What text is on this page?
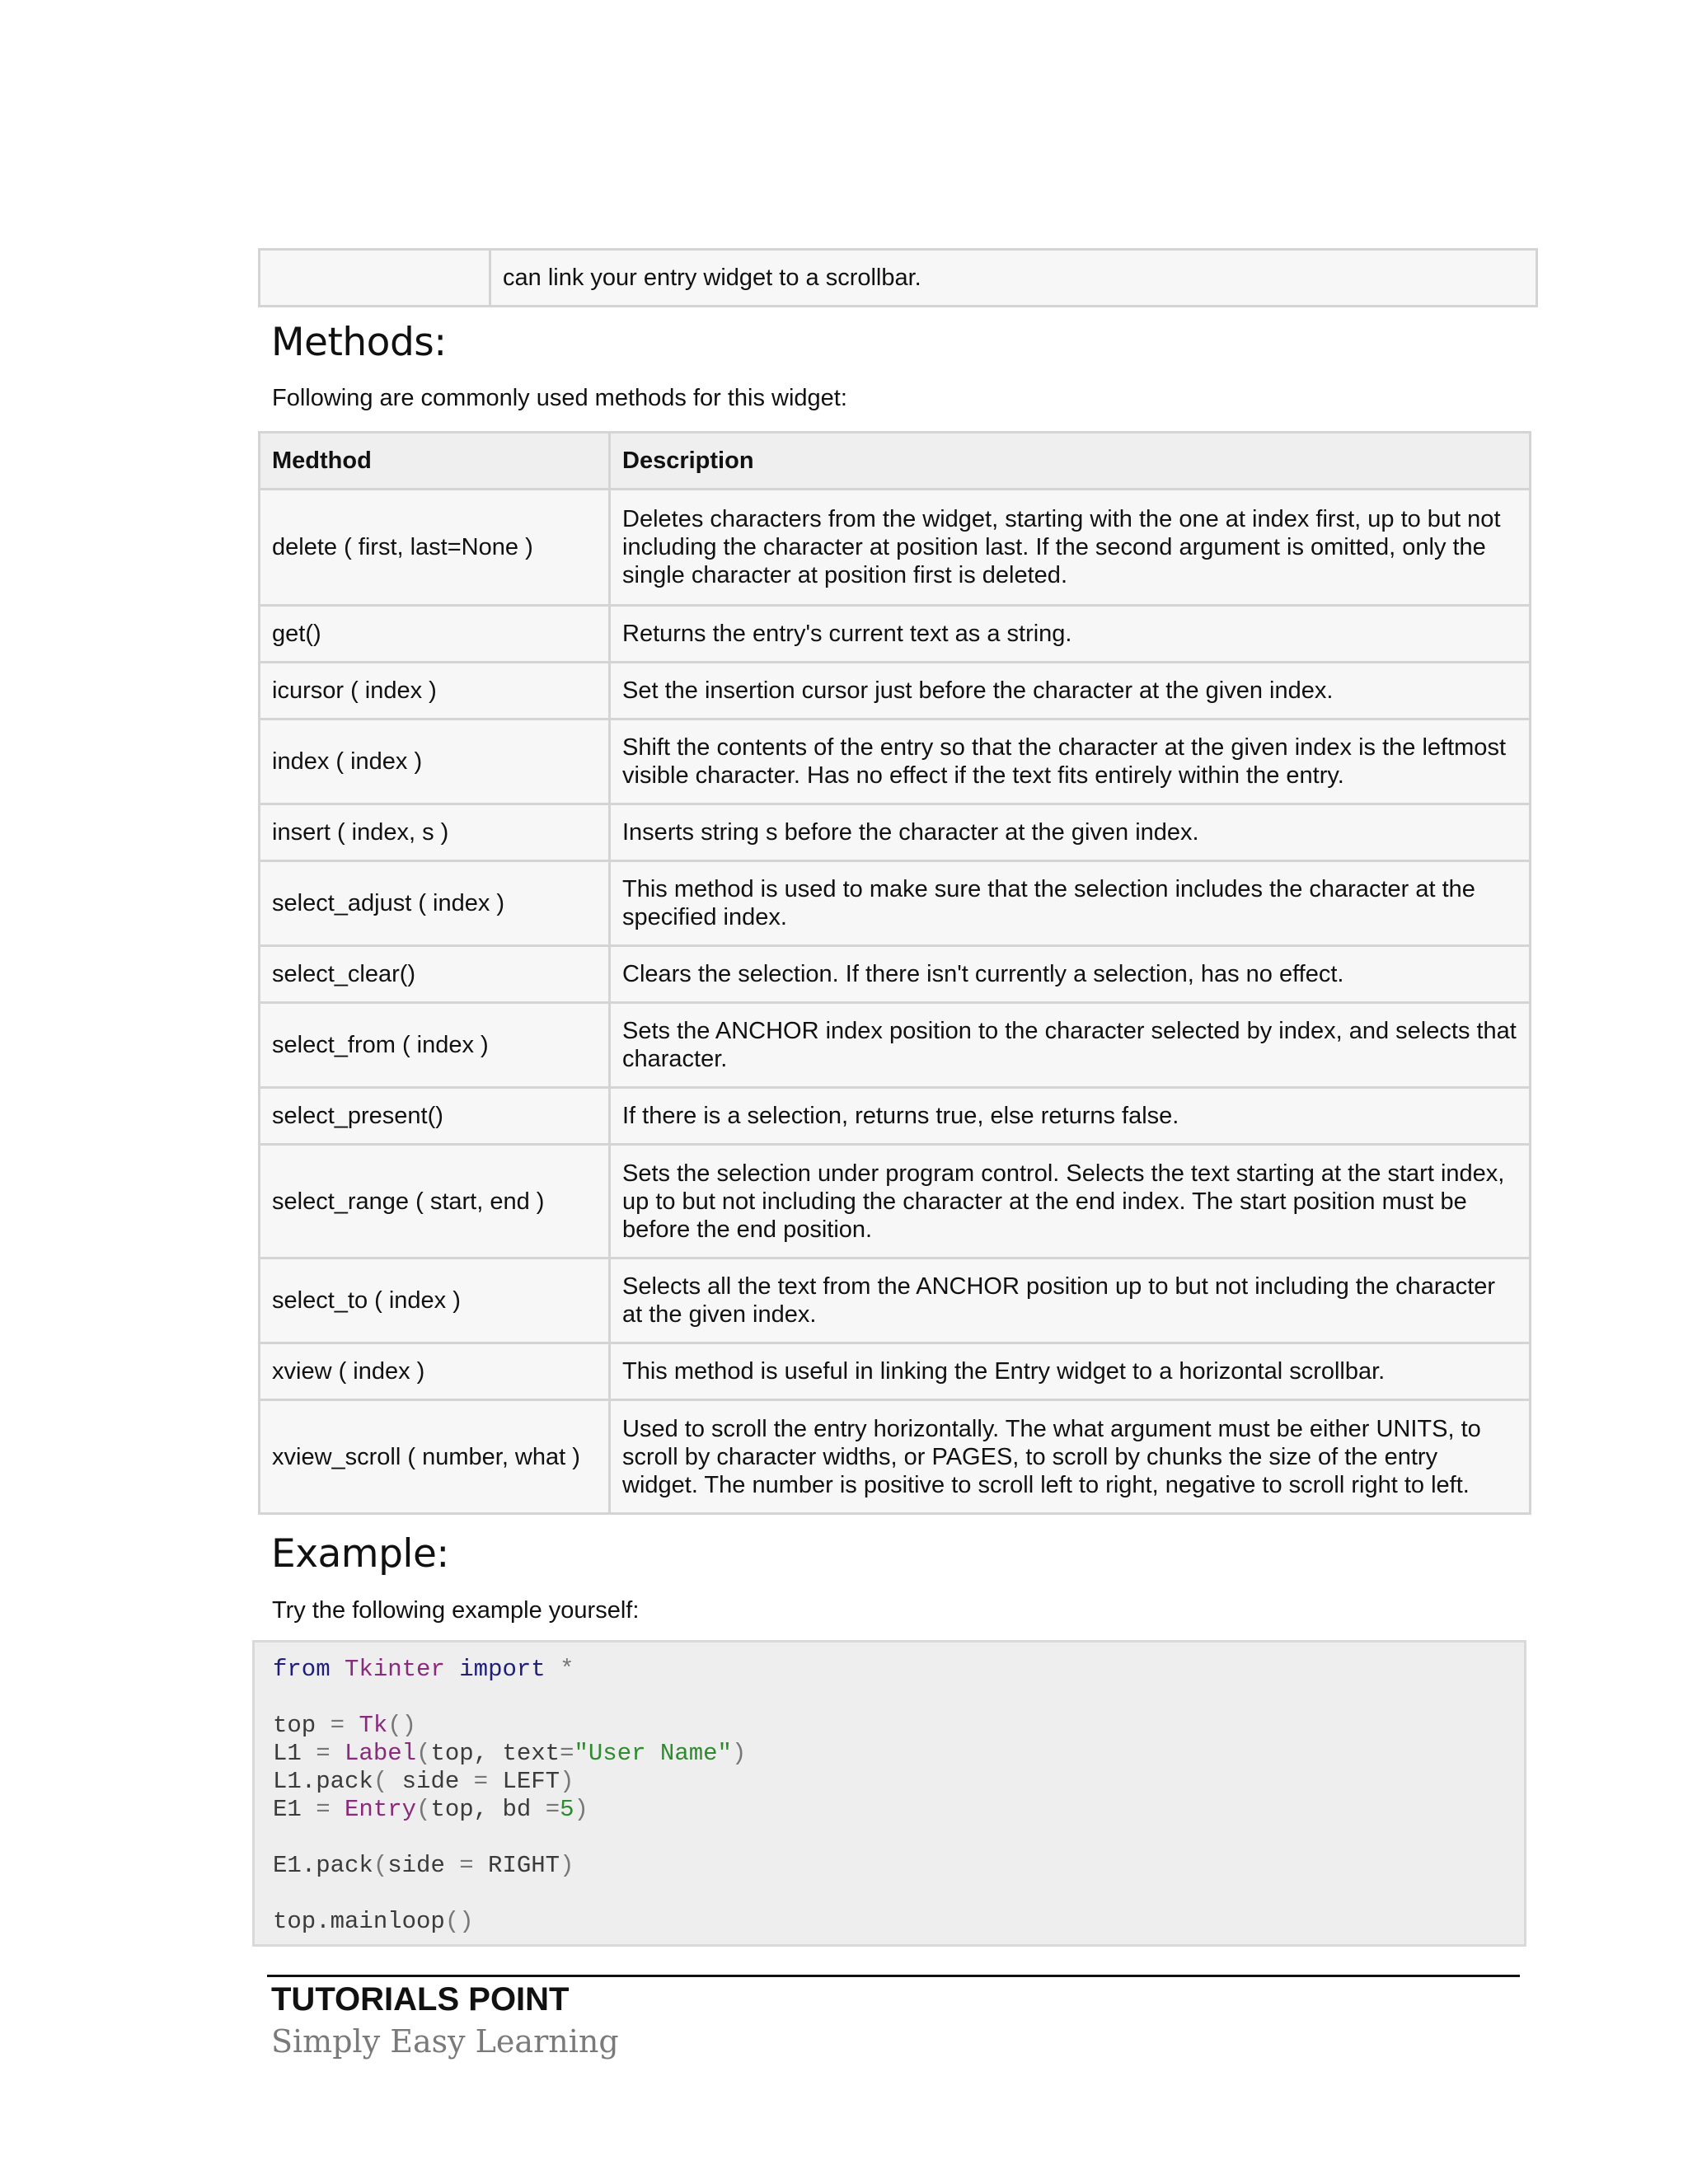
	can link your entry widget to a scrollbar.
Methods:

Following are commonly used methods for this widget:

Medthod	Description
delete ( first, last=None )	Deletes characters from the widget, starting with the one at index first, up to but not including the character at position last. If the second argument is omitted, only the single character at position first is deleted.
get()	Returns the entry's current text as a string.
icursor ( index )	Set the insertion cursor just before the character at the given index.
index ( index )	Shift the contents of the entry so that the character at the given index is the leftmost visible character. Has no effect if the text fits entirely within the entry.
insert ( index, s )	Inserts string s before the character at the given index.
select_adjust ( index )	This method is used to make sure that the selection includes the character at the specified index.
select_clear()	Clears the selection. If there isn't currently a selection, has no effect.
select_from ( index )	Sets the ANCHOR index position to the character selected by index, and selects that character.
select_present()	If there is a selection, returns true, else returns false.
select_range ( start, end )	Sets the selection under program control. Selects the text starting at the start index, up to but not including the character at the end index. The start position must be before the end position.
select_to ( index )	Selects all the text from the ANCHOR position up to but not including the character at the given index.
xview ( index )	This method is useful in linking the Entry widget to a horizontal scrollbar.
xview_scroll ( number, what )	Used to scroll the entry horizontally. The what argument must be either UNITS, to scroll by character widths, or PAGES, to scroll by chunks the size of the entry widget. The number is positive to scroll left to right, negative to scroll right to left.
Example:

Try the following example yourself:

from Tkinter import *

top = Tk()
L1 = Label(top, text="User Name")
L1.pack( side = LEFT)
E1 = Entry(top, bd =5)

E1.pack(side = RIGHT)

top.mainloop()

TUTORIALS POINT

Simply Easy Learning
